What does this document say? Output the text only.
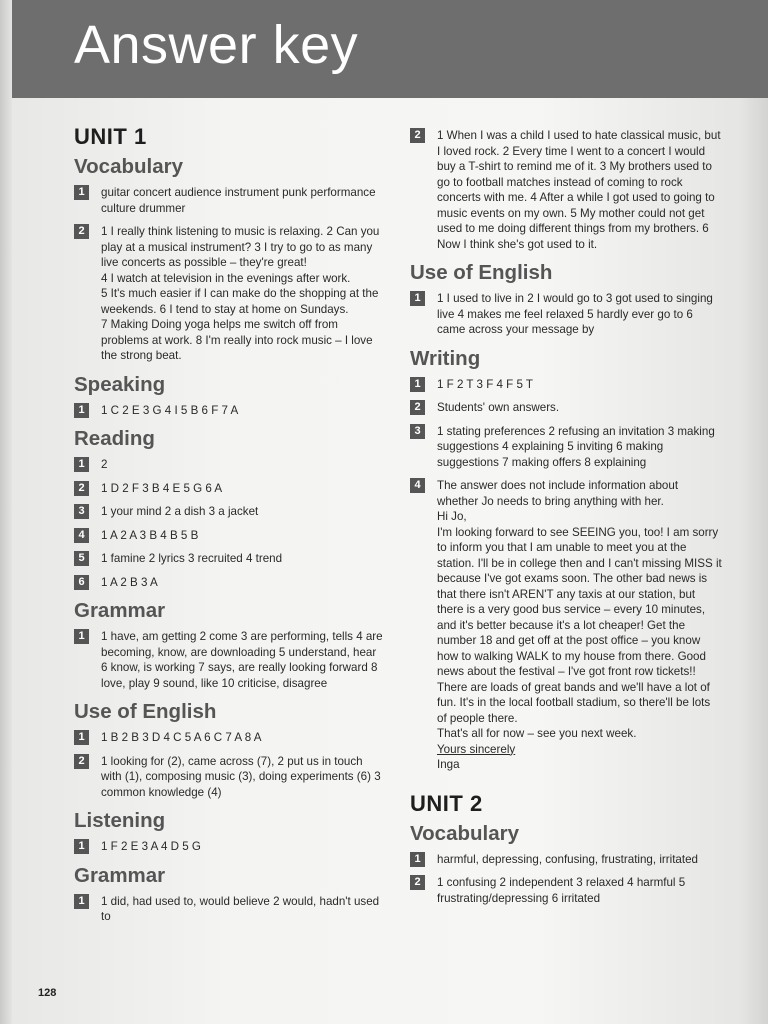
Answer key
UNIT 1
Vocabulary
1	guitar concert audience instrument punk performance culture drummer
2	1 I really think listening to music is relaxing. 2 Can you play at a musical instrument? 3 I try to go to as many live concerts as possible – they're great!

4 I watch at television in the evenings after work.

5 It's much easier if I can make do the shopping at the weekends. 6 I tend to stay at home on Sundays.

7 Making Doing yoga helps me switch off from problems at work. 8 I'm really into rock music – I love the strong beat.

Speaking
1	1 C 2 E 3 G 4 I 5 B 6 F 7 A
Reading
1	2
2	1 D 2 F 3 B 4 E 5 G 6 A
3	1 your mind 2 a dish 3 a jacket
4	1 A 2 A 3 B 4 B 5 B
5	1 famine 2 lyrics 3 recruited 4 trend
6	1 A 2 B 3 A
Grammar
1	1 have, am getting 2 come 3 are performing, tells 4 are becoming, know, are downloading 5 understand, hear 6 know, is working 7 says, are really looking forward 8 love, play 9 sound, like 10 criticise, disagree
Use of English
1	1 B 2 B 3 D 4 C 5 A 6 C 7 A 8 A
2	1 looking for (2), came across (7), 2 put us in touch with (1), composing music (3), doing experiments (6) 3 common knowledge (4)
Listening
1	1 F 2 E 3 A 4 D 5 G
Grammar
1	1 did, had used to, would believe 2 would, hadn't used to
2	1 When I was a child I used to hate classical music, but I loved rock. 2 Every time I went to a concert I would buy a T-shirt to remind me of it. 3 My brothers used to go to football matches instead of coming to rock concerts with me. 4 After a while I got used to going to music events on my own. 5 My mother could not get used to me doing different things from my brothers. 6 Now I think she's got used to it.
Use of English
1	1 I used to live in 2 I would go to 3 got used to singing live 4 makes me feel relaxed 5 hardly ever go to 6 came across your message by
Writing
1	1 F 2 T 3 F 4 F 5 T
2	Students' own answers.
3	1 stating preferences 2 refusing an invitation 3 making suggestions 4 explaining 5 inviting 6 making suggestions 7 making offers 8 explaining
4	The answer does not include information about whether Jo needs to bring anything with her.

Hi Jo,

I'm looking forward to see SEEING you, too! I am sorry to inform you that I am unable to meet you at the station. I'll be in college then and I can't missing MISS it because I've got exams soon. The other bad news is that there isn't AREN'T any taxis at our station, but there is a very good bus service – every 10 minutes, and it's better because it's a lot cheaper! Get the number 18 and get off at the post office – you know how to walking WALK to my house from there. Good news about the festival – I've got front row tickets!! There are loads of great bands and we'll have a lot of fun. It's in the local football stadium, so there'll be lots of people there.

That's all for now – see you next week.

Yours sincerely

Inga

UNIT 2
Vocabulary
1	harmful, depressing, confusing, frustrating, irritated
2	1 confusing 2 independent 3 relaxed 4 harmful 5 frustrating/depressing 6 irritated
128
